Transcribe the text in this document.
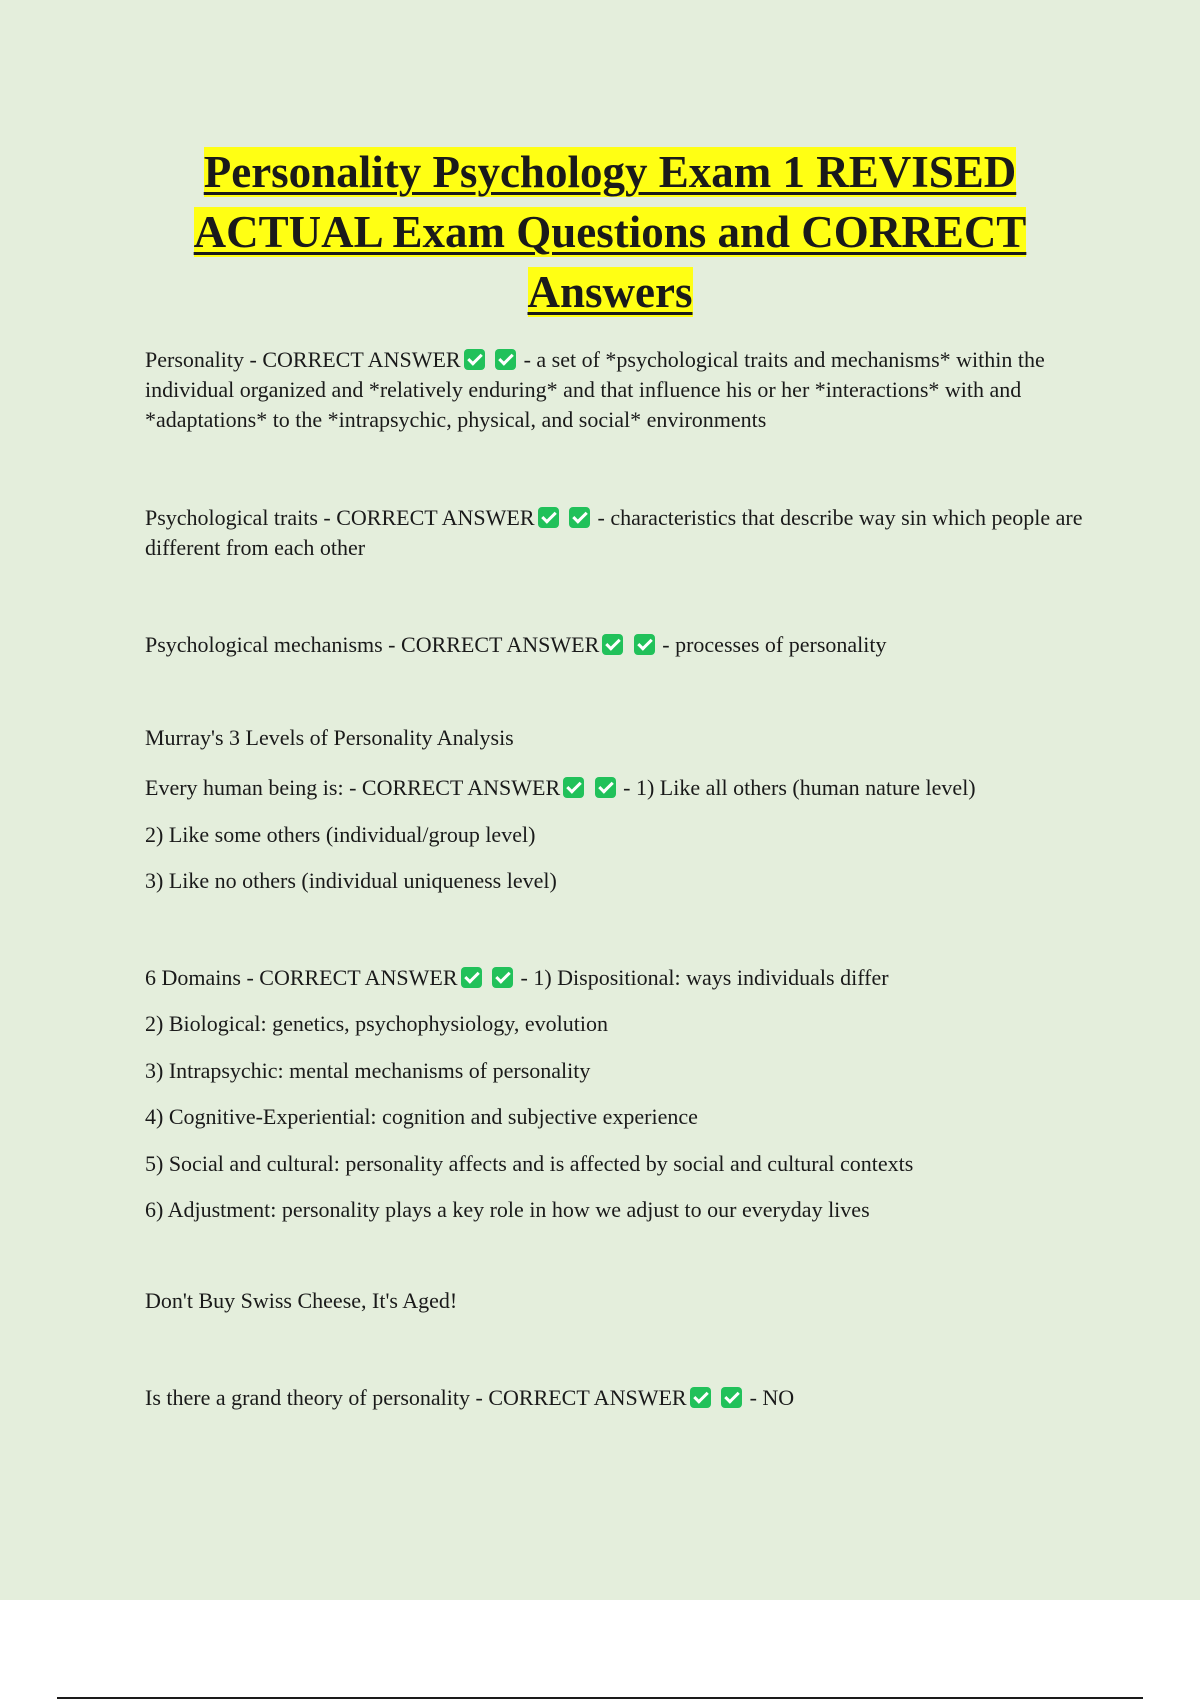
Personality Psychology Exam 1 REVISED ACTUAL Exam Questions and CORRECT Answers

Personality - CORRECT ANSWER	- a set of *psychological traits and mechanisms* within the individual organized and *relatively enduring* and that influence his or her *interactions* with and *adaptations* to the *intrapsychic, physical, and social* environments

Psychological traits - CORRECT ANSWER	- characteristics that describe way sin which people are different from each other

Psychological mechanisms - CORRECT ANSWER	- processes of personality

Murray's 3 Levels of Personality Analysis

Every human being is: - CORRECT ANSWER	- 1) Like all others (human nature level)

2) Like some others (individual/group level)

3) Like no others (individual uniqueness level)

6 Domains - CORRECT ANSWER	- 1) Dispositional: ways individuals differ

2) Biological: genetics, psychophysiology, evolution

3) Intrapsychic: mental mechanisms of personality

4) Cognitive-Experiential: cognition and subjective experience

5) Social and cultural: personality affects and is affected by social and cultural contexts

6) Adjustment: personality plays a key role in how we adjust to our everyday lives

Don't Buy Swiss Cheese, It's Aged!

Is there a grand theory of personality - CORRECT ANSWER	- NO
